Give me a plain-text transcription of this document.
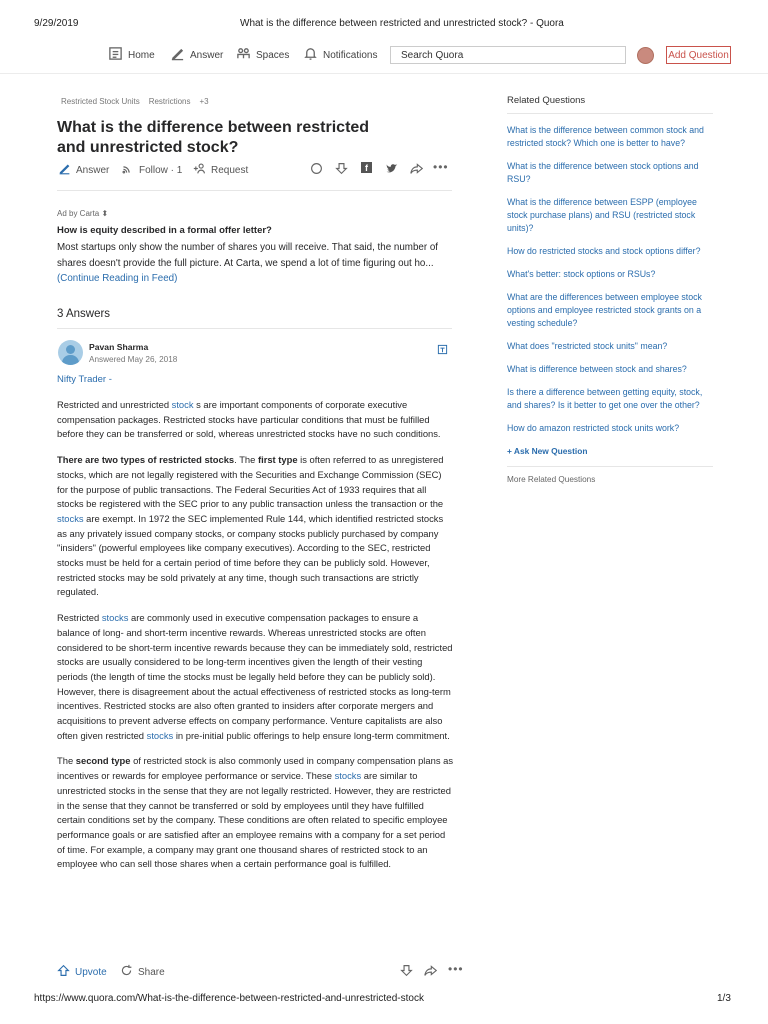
9/29/2019	What is the difference between restricted and unrestricted stock? - Quora
Home	Answer	Spaces	Notifications Search Quora	Add Question
Restricted Stock Units Restrictions +3
What is the difference between restricted and unrestricted stock?
Answer	Follow · 1	Request	f	•••
Ad by Carta ⬍
How is equity described in a formal offer letter?
Most startups only show the number of shares you will receive. That said, the number of shares doesn't provide the full picture. At Carta, we spend a lot of time figuring out ho... (Continue Reading in Feed)
3 Answers
Pavan Sharma
Answered May 26, 2018
Nifty Trader -

Restricted and unrestricted stock s are important components of corporate executive compensation packages. Restricted stocks have particular conditions that must be fulfilled before they can be transferred or sold, whereas unrestricted stocks have no such conditions.

There are two types of restricted stocks. The first type is often referred to as unregistered stocks, which are not legally registered with the Securities and Exchange Commission (SEC) for the purpose of public transactions. The Federal Securities Act of 1933 requires that all stocks be registered with the SEC prior to any public transaction unless the transaction or the stocks are exempt. In 1972 the SEC implemented Rule 144, which identified restricted stocks as any privately issued company stocks, or company stocks publicly purchased by company "insiders" (powerful employees like company executives). According to the SEC, restricted stocks must be held for a certain period of time before they can be publicly sold. However, restricted stocks may be sold privately at any time, though such transactions are strictly regulated.

Restricted stocks are commonly used in executive compensation packages to ensure a balance of long- and short-term incentive rewards. Whereas unrestricted stocks are often considered to be short-term incentive rewards because they can be immediately sold, restricted stocks are usually considered to be long-term incentives given the length of their vesting periods (the length of time the stocks must be legally held before they can be publicly sold). However, there is disagreement about the actual effectiveness of restricted stocks as long-term incentives. Restricted stocks are also often granted to insiders after corporate mergers and acquisitions to prevent adverse effects on company performance. Venture capitalists are also often given restricted stocks in pre-initial public offerings to help ensure long-term commitment.

The second type of restricted stock is also commonly used in company compensation plans as incentives or rewards for employee performance or service. These stocks are similar to unrestricted stocks in the sense that they are not legally restricted. However, they are restricted in the sense that they cannot be transferred or sold by employees until they have fulfilled certain conditions set by the company. These conditions are often related to specific employee performance goals or are satisfied after an employee remains with a company for a set period of time. For example, a company may grant one thousand shares of restricted stock to an employee who can sell those shares when a certain performance goal is fulfilled.

Upvote	Share	•••
Related Questions
What is the difference between common stock and restricted stock? Which one is better to have?
What is the difference between stock options and RSU?
What is the difference between ESPP (employee stock purchase plans) and RSU (restricted stock units)?
How do restricted stocks and stock options differ?
What's better: stock options or RSUs?
What are the differences between employee stock options and employee restricted stock grants on a vesting schedule?
What does "restricted stock units" mean?
What is difference between stock and shares?
Is there a difference between getting equity, stock, and shares? Is it better to get one over the other?
How do amazon restricted stock units work?
+ Ask New Question
More Related Questions
https://www.quora.com/What-is-the-difference-between-restricted-and-unrestricted-stock	1/3
